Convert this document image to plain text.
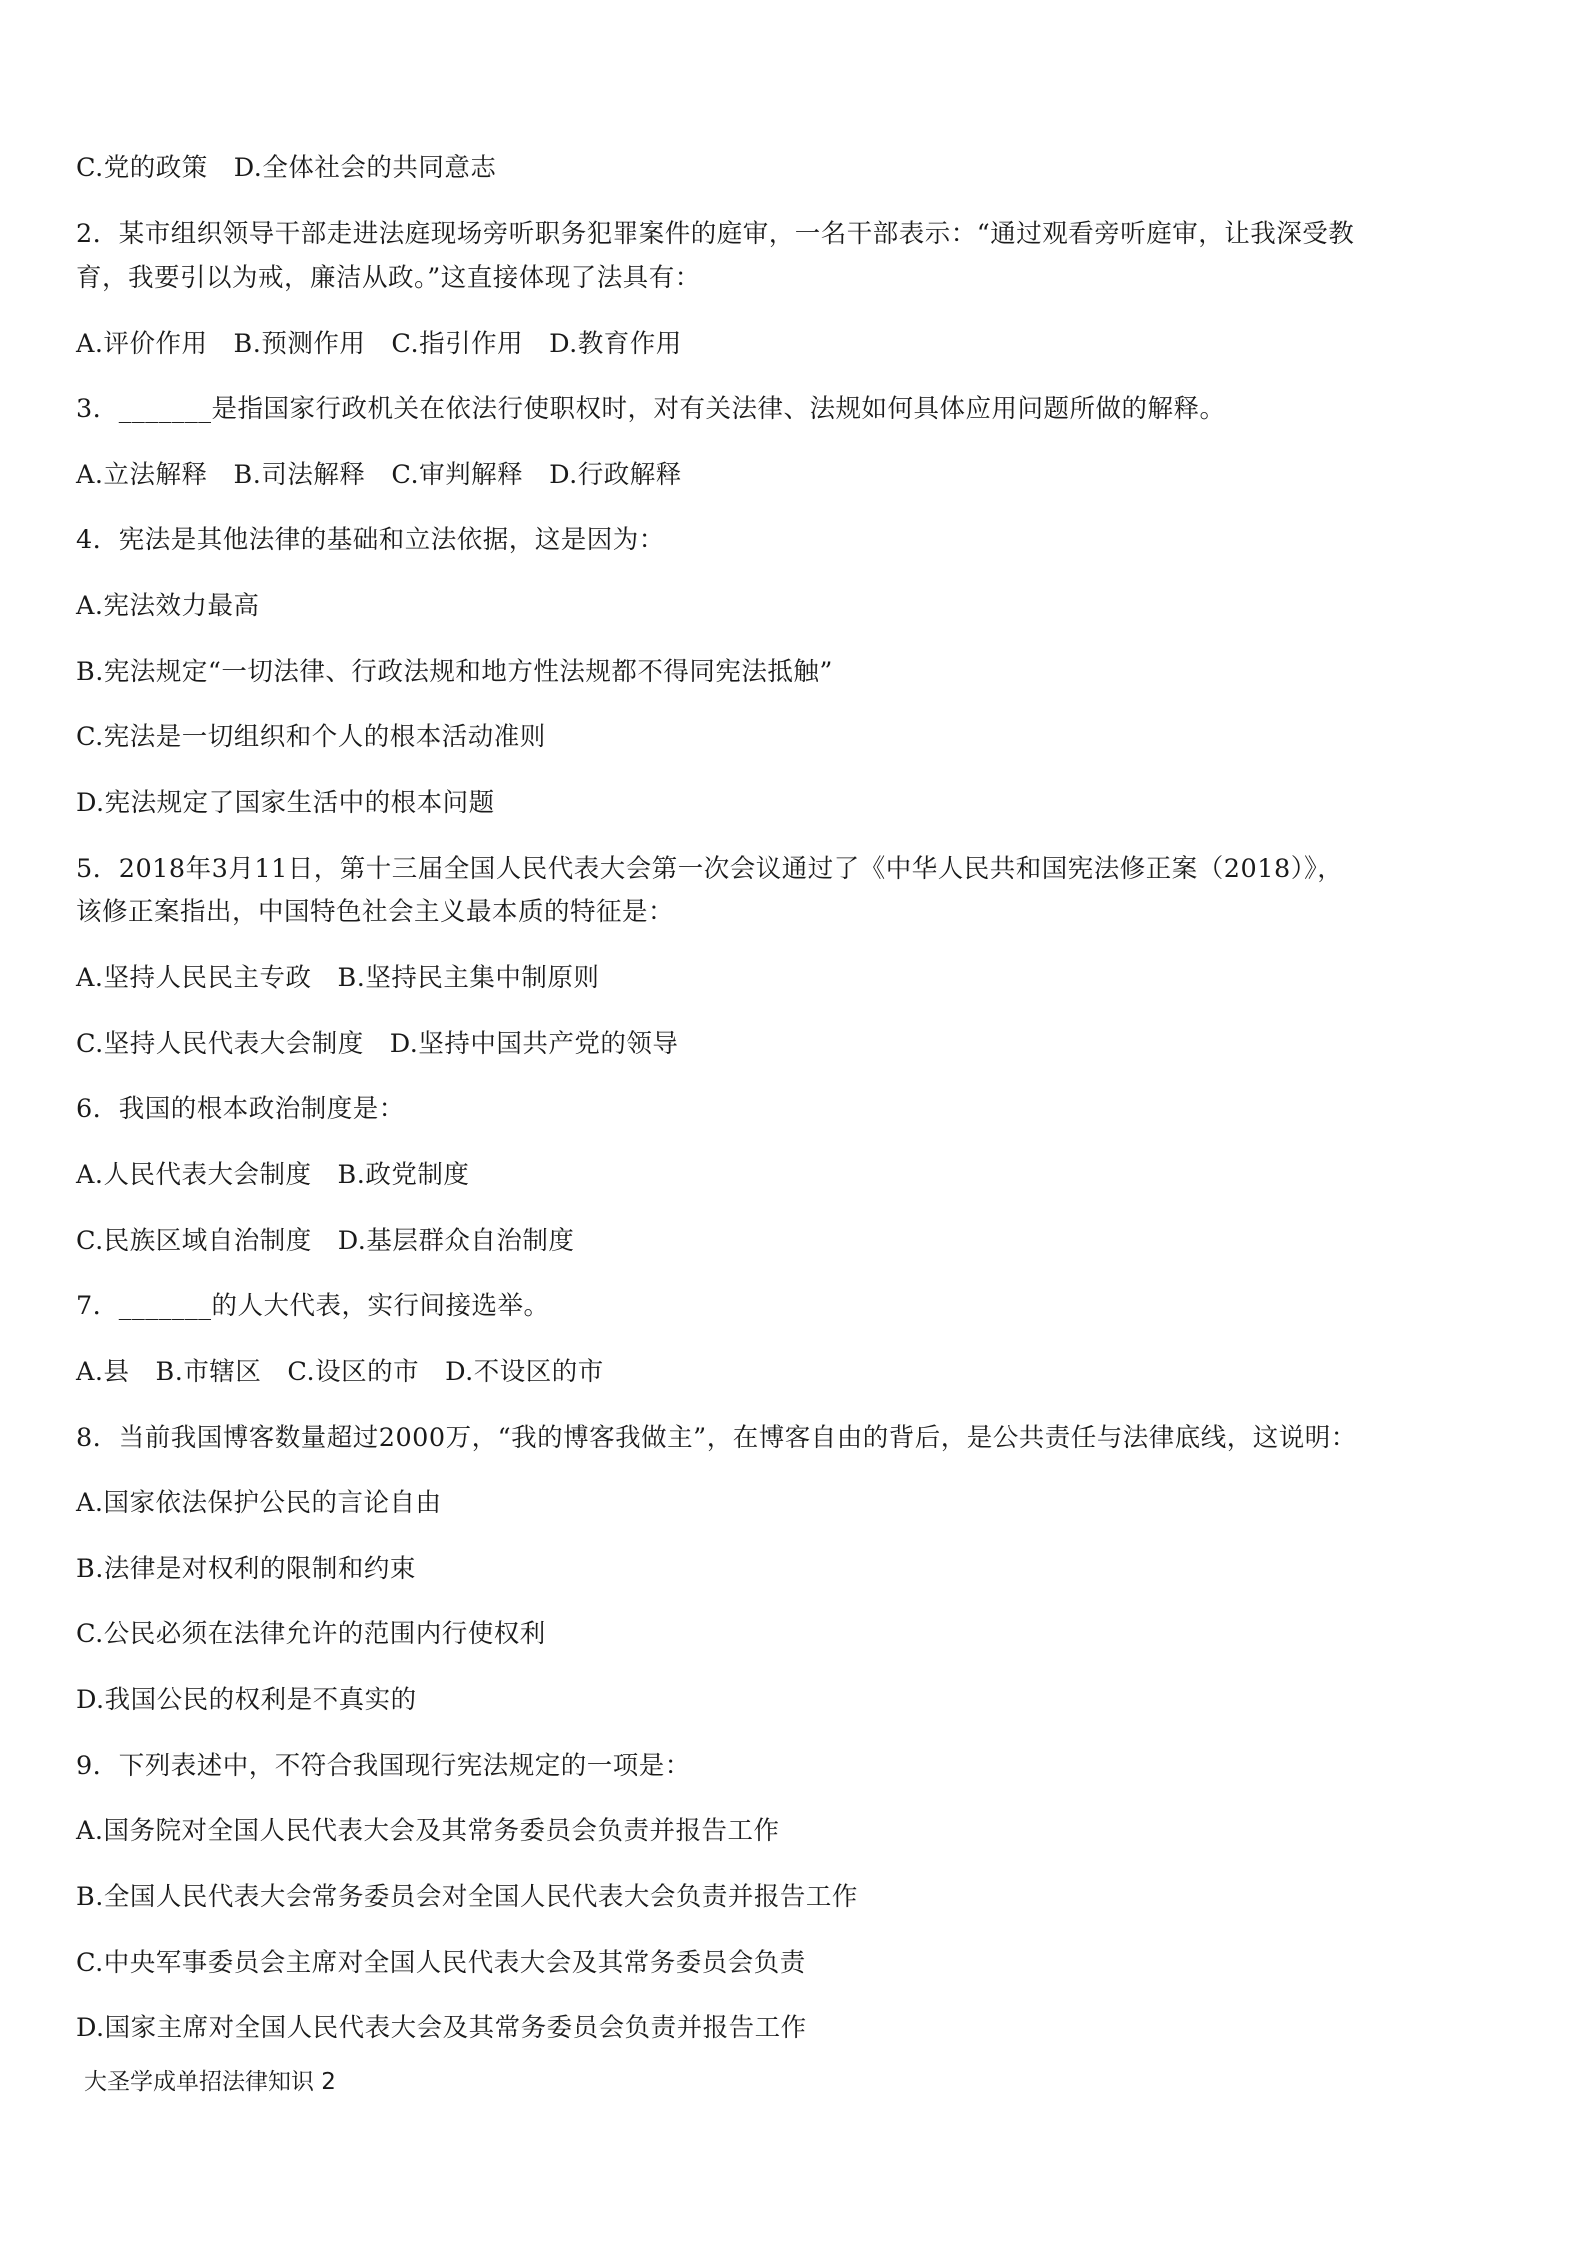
C.党的政策　D.全体社会的共同意志
2．某市组织领导干部走进法庭现场旁听职务犯罪案件的庭审，一名干部表示：“通过观看旁听庭审，让我深受教
育，我要引以为戒，廉洁从政。”这直接体现了法具有：
A.评价作用　B.预测作用　C.指引作用　D.教育作用
3．_______是指国家行政机关在依法行使职权时，对有关法律、法规如何具体应用问题所做的解释。
A.立法解释　B.司法解释　C.审判解释　D.行政解释
4．宪法是其他法律的基础和立法依据，这是因为：
A.宪法效力最高
B.宪法规定“一切法律、行政法规和地方性法规都不得同宪法抵触”
C.宪法是一切组织和个人的根本活动准则
D.宪法规定了国家生活中的根本问题
5．2018年3月11日，第十三届全国人民代表大会第一次会议通过了《中华人民共和国宪法修正案（2018）》，
该修正案指出，中国特色社会主义最本质的特征是：
A.坚持人民民主专政　B.坚持民主集中制原则
C.坚持人民代表大会制度　D.坚持中国共产党的领导
6．我国的根本政治制度是：
A.人民代表大会制度　B.政党制度
C.民族区域自治制度　D.基层群众自治制度
7．_______的人大代表，实行间接选举。
A.县　B.市辖区　C.设区的市　D.不设区的市
8．当前我国博客数量超过2000万，“我的博客我做主”，在博客自由的背后，是公共责任与法律底线，这说明：
A.国家依法保护公民的言论自由
B.法律是对权利的限制和约束
C.公民必须在法律允许的范围内行使权利
D.我国公民的权利是不真实的
9．下列表述中，不符合我国现行宪法规定的一项是：
A.国务院对全国人民代表大会及其常务委员会负责并报告工作
B.全国人民代表大会常务委员会对全国人民代表大会负责并报告工作
C.中央军事委员会主席对全国人民代表大会及其常务委员会负责
D.国家主席对全国人民代表大会及其常务委员会负责并报告工作
大圣学成单招法律知识 2
